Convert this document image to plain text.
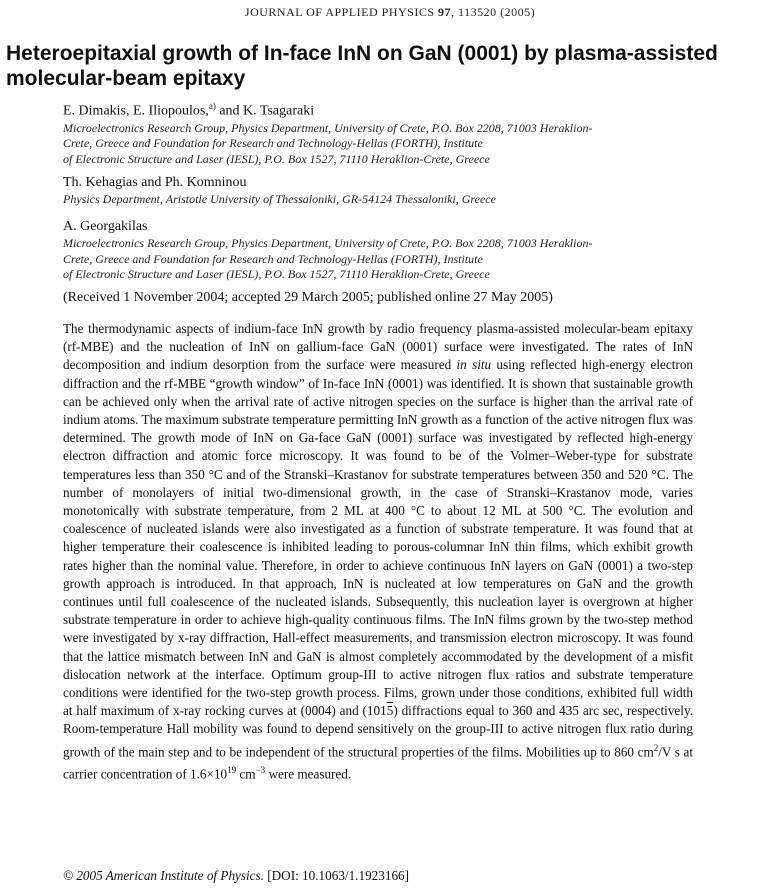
JOURNAL OF APPLIED PHYSICS 97, 113520 (2005)
Heteroepitaxial growth of In-face InN on GaN (0001) by plasma-assisted
molecular-beam epitaxy
E. Dimakis, E. Iliopoulos,$^{a)}$ and K. Tsagaraki
Microelectronics Research Group, Physics Department, University of Crete, P.O. Box 2208, 71003 Heraklion-
Crete, Greece and Foundation for Research and Technology-Hellas (FORTH), Institute
of Electronic Structure and Laser (IESL), P.O. Box 1527, 71110 Heraklion-Crete, Greece
Th. Kehagias and Ph. Komninou
Physics Department, Aristotle University of Thessaloniki, GR-54124 Thessaloniki, Greece
A. Georgakilas
Microelectronics Research Group, Physics Department, University of Crete, P.O. Box 2208, 71003 Heraklion-
Crete, Greece and Foundation for Research and Technology-Hellas (FORTH), Institute
of Electronic Structure and Laser (IESL), P.O. Box 1527, 71110 Heraklion-Crete, Greece
(Received 1 November 2004; accepted 29 March 2005; published online 27 May 2005)
The thermodynamic aspects of indium-face InN growth by radio frequency plasma-assisted molecular-beam epitaxy (rf-MBE) and the nucleation of InN on gallium-face GaN (0001) surface were investigated. The rates of InN decomposition and indium desorption from the surface were measured in situ using reflected high-energy electron diffraction and the rf-MBE “growth window” of In-face InN (0001) was identified. It is shown that sustainable growth can be achieved only when the arrival rate of active nitrogen species on the surface is higher than the arrival rate of indium atoms. The maximum substrate temperature permitting InN growth as a function of the active nitrogen flux was determined. The growth mode of InN on Ga-face GaN (0001) surface was investigated by reflected high-energy electron diffraction and atomic force microscopy. It was found to be of the Volmer–Weber-type for substrate temperatures less than 350 °C and of the Stranski–Krastanov for substrate temperatures between 350 and 520 °C. The number of monolayers of initial two-dimensional growth, in the case of Stranski–Krastanov mode, varies monotonically with substrate temperature, from 2 ML at 400 °C to about 12 ML at 500 °C. The evolution and coalescence of nucleated islands were also investigated as a function of substrate temperature. It was found that at higher temperature their coalescence is inhibited leading to porous-columnar InN thin films, which exhibit growth rates higher than the nominal value. Therefore, in order to achieve continuous InN layers on GaN (0001) a two-step growth approach is introduced. In that approach, InN is nucleated at low temperatures on GaN and the growth continues until full coalescence of the nucleated islands. Subsequently, this nucleation layer is overgrown at higher substrate temperature in order to achieve high-quality continuous films. The InN films grown by the two-step method were investigated by x-ray diffraction, Hall-effect measurements, and transmission electron microscopy. It was found that the lattice mismatch between InN and GaN is almost completely accommodated by the development of a misfit dislocation network at the interface. Optimum group-III to active nitrogen flux ratios and substrate temperature conditions were identified for the two-step growth process. Films, grown under those conditions, exhibited full width at half maximum of x-ray rocking curves at (0004) and (1015) diffractions equal to 360 and 435 arc sec, respectively. Room-temperature Hall mobility was found to depend sensitively on the group-III to active nitrogen flux ratio during growth of the main step and to be independent of the structural properties of the films. Mobilities up to 860 $cm^2/V$ s at carrier concentration of $1.6\times 10^{19}$ $cm^{-3}$ were measured.
© 2005 American Institute of Physics. [DOI: 10.1063/1.1923166]
